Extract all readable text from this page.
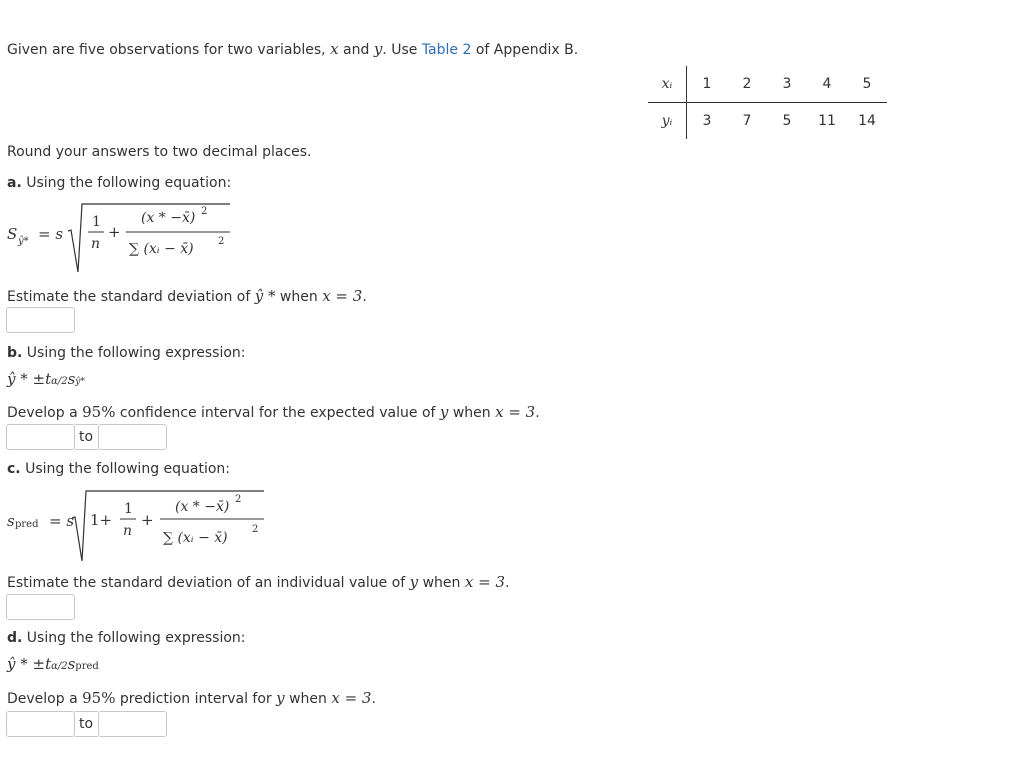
Given are five observations for two variables, x and y. Use Table 2 of Appendix B.
xᵢ	1	2	3	4	5
yᵢ	3	7	5	11	14
Round your answers to two decimal places.
a. Using the following equation:
S ŷ* = s
1
n
+
(x * −x̄) 2
∑ (xᵢ − x̄) 2
Estimate the standard deviation of ŷ * when x = 3.
b. Using the following expression:
ŷ * ±tα/2sŷ*
Develop a 95% confidence interval for the expected value of y when x = 3.
to
c. Using the following equation:
s pred = s 1+
1
n
+
(x * −x̄) 2
∑ (xᵢ − x̄)
2
Estimate the standard deviation of an individual value of y when x = 3.
d. Using the following expression:
ŷ * ±tα/2spred
Develop a 95% prediction interval for y when x = 3.
to
